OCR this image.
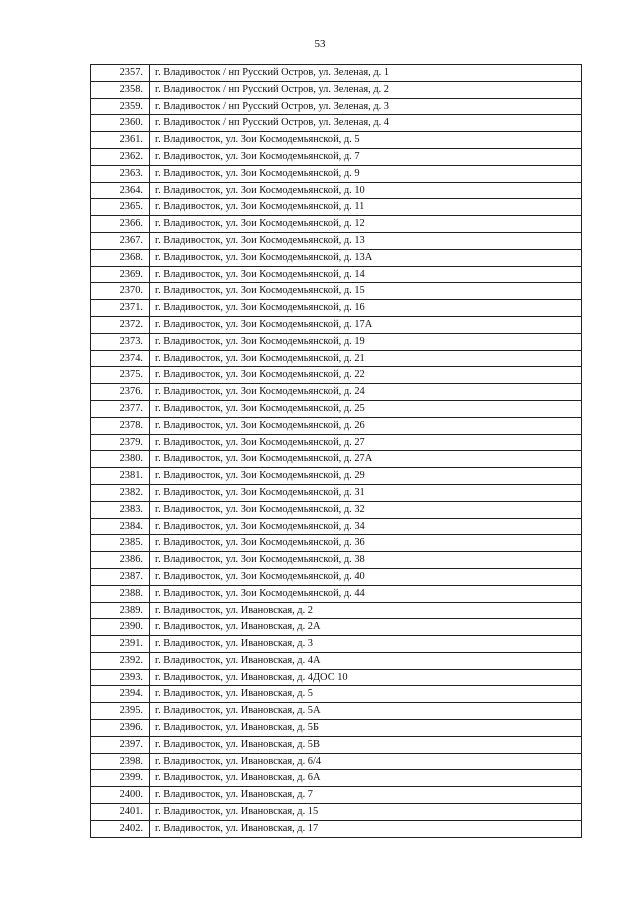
53
2357.	г. Владивосток / нп Русский Остров, ул. Зеленая, д. 1
2358.	г. Владивосток / нп Русский Остров, ул. Зеленая, д. 2
2359.	г. Владивосток / нп Русский Остров, ул. Зеленая, д. 3
2360.	г. Владивосток / нп Русский Остров, ул. Зеленая, д. 4
2361.	г. Владивосток, ул. Зои Космодемьянской, д. 5
2362.	г. Владивосток, ул. Зои Космодемьянской, д. 7
2363.	г. Владивосток, ул. Зои Космодемьянской, д. 9
2364.	г. Владивосток, ул. Зои Космодемьянской, д. 10
2365.	г. Владивосток, ул. Зои Космодемьянской, д. 11
2366.	г. Владивосток, ул. Зои Космодемьянской, д. 12
2367.	г. Владивосток, ул. Зои Космодемьянской, д. 13
2368.	г. Владивосток, ул. Зои Космодемьянской, д. 13А
2369.	г. Владивосток, ул. Зои Космодемьянской, д. 14
2370.	г. Владивосток, ул. Зои Космодемьянской, д. 15
2371.	г. Владивосток, ул. Зои Космодемьянской, д. 16
2372.	г. Владивосток, ул. Зои Космодемьянской, д. 17А
2373.	г. Владивосток, ул. Зои Космодемьянской, д. 19
2374.	г. Владивосток, ул. Зои Космодемьянской, д. 21
2375.	г. Владивосток, ул. Зои Космодемьянской, д. 22
2376.	г. Владивосток, ул. Зои Космодемьянской, д. 24
2377.	г. Владивосток, ул. Зои Космодемьянской, д. 25
2378.	г. Владивосток, ул. Зои Космодемьянской, д. 26
2379.	г. Владивосток, ул. Зои Космодемьянской, д. 27
2380.	г. Владивосток, ул. Зои Космодемьянской, д. 27А
2381.	г. Владивосток, ул. Зои Космодемьянской, д. 29
2382.	г. Владивосток, ул. Зои Космодемьянской, д. 31
2383.	г. Владивосток, ул. Зои Космодемьянской, д. 32
2384.	г. Владивосток, ул. Зои Космодемьянской, д. 34
2385.	г. Владивосток, ул. Зои Космодемьянской, д. 36
2386.	г. Владивосток, ул. Зои Космодемьянской, д. 38
2387.	г. Владивосток, ул. Зои Космодемьянской, д. 40
2388.	г. Владивосток, ул. Зои Космодемьянской, д. 44
2389.	г. Владивосток, ул. Ивановская, д. 2
2390.	г. Владивосток, ул. Ивановская, д. 2А
2391.	г. Владивосток, ул. Ивановская, д. 3
2392.	г. Владивосток, ул. Ивановская, д. 4А
2393.	г. Владивосток, ул. Ивановская, д. 4ДОС 10
2394.	г. Владивосток, ул. Ивановская, д. 5
2395.	г. Владивосток, ул. Ивановская, д. 5А
2396.	г. Владивосток, ул. Ивановская, д. 5Б
2397.	г. Владивосток, ул. Ивановская, д. 5В
2398.	г. Владивосток, ул. Ивановская, д. 6/4
2399.	г. Владивосток, ул. Ивановская, д. 6А
2400.	г. Владивосток, ул. Ивановская, д. 7
2401.	г. Владивосток, ул. Ивановская, д. 15
2402.	г. Владивосток, ул. Ивановская, д. 17
